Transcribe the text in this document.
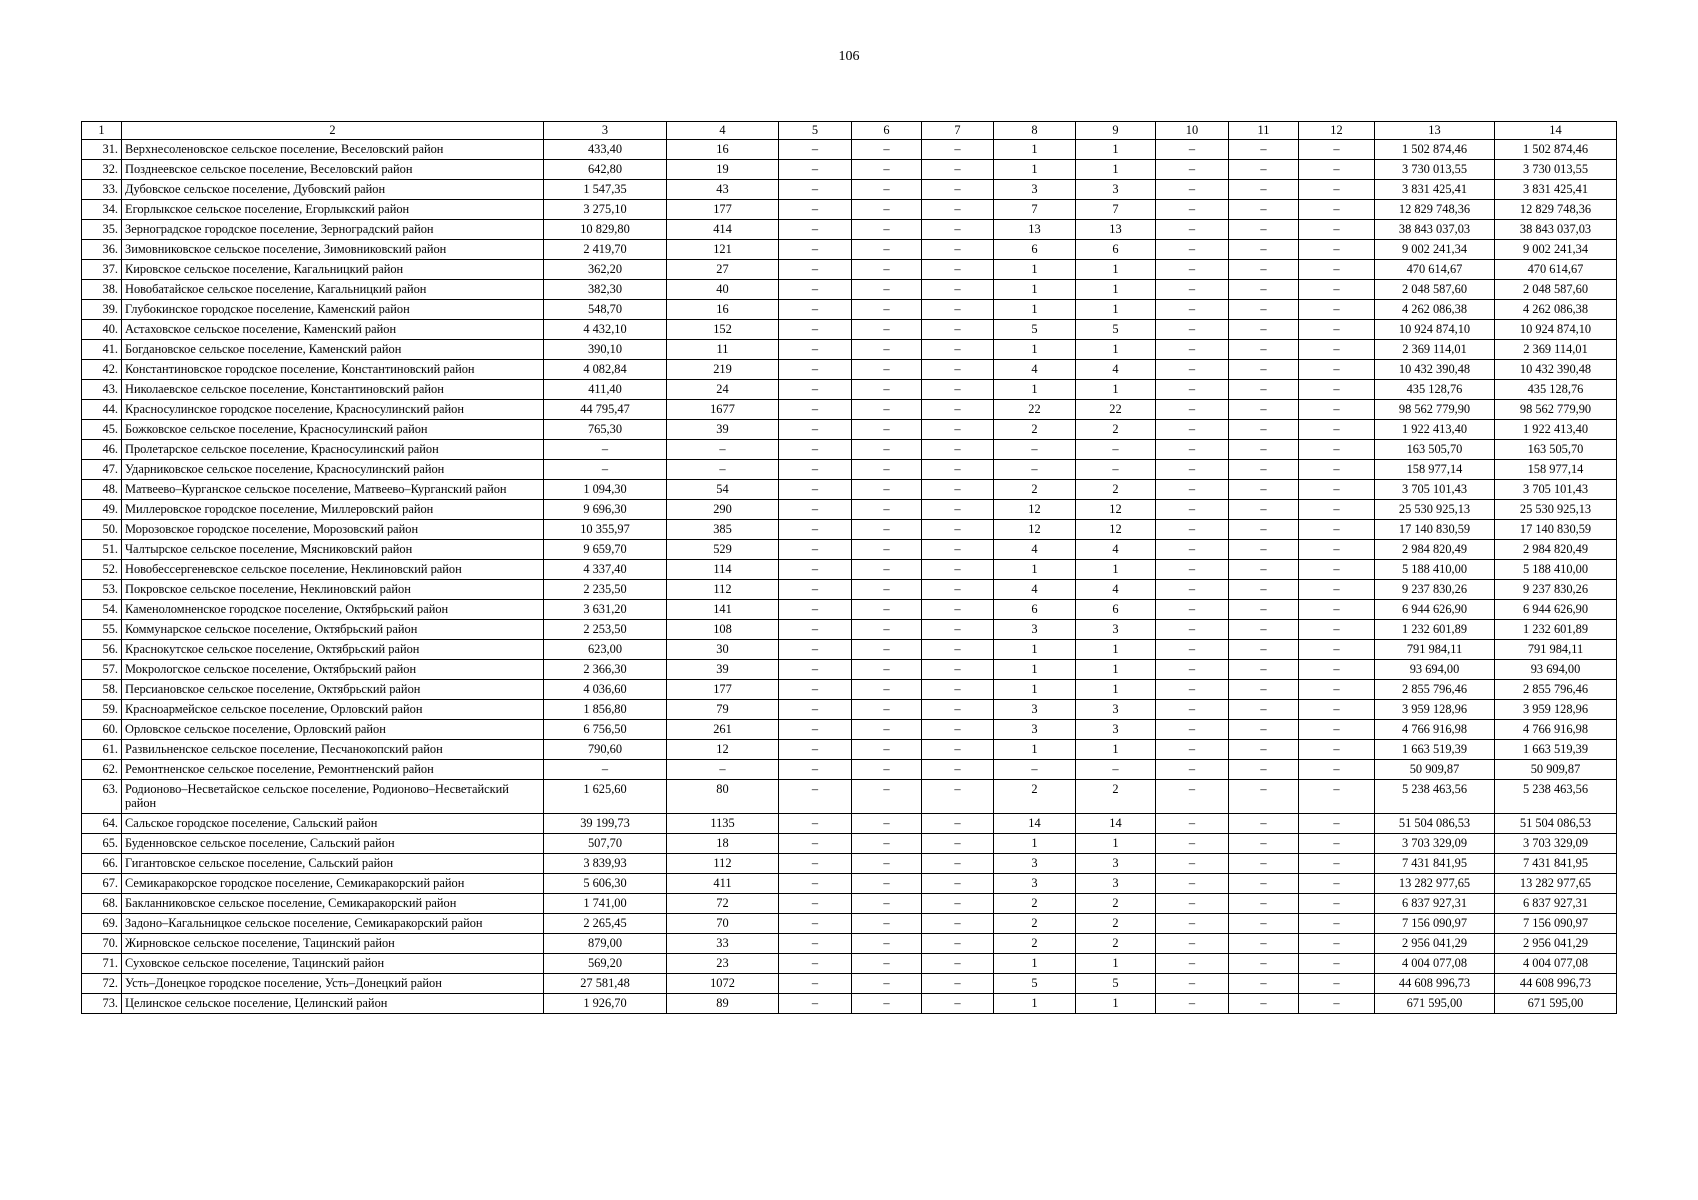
106
1	2	3	4	5	6	7	8	9	10	11	12	13	14
31.	Верхнесоленовское сельское поселение, Веселовский район	433,40	16	–	–	–	1	1	–	–	–	1 502 874,46	1 502 874,46
32.	Позднеевское сельское поселение, Веселовский район	642,80	19	–	–	–	1	1	–	–	–	3 730 013,55	3 730 013,55
33.	Дубовское сельское поселение, Дубовский район	1 547,35	43	–	–	–	3	3	–	–	–	3 831 425,41	3 831 425,41
34.	Егорлыкское сельское поселение, Егорлыкский район	3 275,10	177	–	–	–	7	7	–	–	–	12 829 748,36	12 829 748,36
35.	Зерноградское городское поселение, Зерноградский район	10 829,80	414	–	–	–	13	13	–	–	–	38 843 037,03	38 843 037,03
36.	Зимовниковское сельское поселение, Зимовниковский район	2 419,70	121	–	–	–	6	6	–	–	–	9 002 241,34	9 002 241,34
37.	Кировское сельское поселение, Кагальницкий район	362,20	27	–	–	–	1	1	–	–	–	470 614,67	470 614,67
38.	Новобатайское сельское поселение, Кагальницкий район	382,30	40	–	–	–	1	1	–	–	–	2 048 587,60	2 048 587,60
39.	Глубокинское городское поселение, Каменский район	548,70	16	–	–	–	1	1	–	–	–	4 262 086,38	4 262 086,38
40.	Астаховское сельское поселение, Каменский район	4 432,10	152	–	–	–	5	5	–	–	–	10 924 874,10	10 924 874,10
41.	Богдановское сельское поселение, Каменский район	390,10	11	–	–	–	1	1	–	–	–	2 369 114,01	2 369 114,01
42.	Константиновское городское поселение, Константиновский район	4 082,84	219	–	–	–	4	4	–	–	–	10 432 390,48	10 432 390,48
43.	Николаевское сельское поселение, Константиновский район	411,40	24	–	–	–	1	1	–	–	–	435 128,76	435 128,76
44.	Красносулинское городское поселение, Красносулинский район	44 795,47	1677	–	–	–	22	22	–	–	–	98 562 779,90	98 562 779,90
45.	Божковское сельское поселение, Красносулинский район	765,30	39	–	–	–	2	2	–	–	–	1 922 413,40	1 922 413,40
46.	Пролетарское сельское поселение, Красносулинский район	–	–	–	–	–	–	–	–	–	–	163 505,70	163 505,70
47.	Ударниковское сельское поселение, Красносулинский район	–	–	–	–	–	–	–	–	–	–	158 977,14	158 977,14
48.	Матвеево–Курганское сельское поселение, Матвеево–Курганский район	1 094,30	54	–	–	–	2	2	–	–	–	3 705 101,43	3 705 101,43
49.	Миллеровское городское поселение, Миллеровский район	9 696,30	290	–	–	–	12	12	–	–	–	25 530 925,13	25 530 925,13
50.	Морозовское городское поселение, Морозовский район	10 355,97	385	–	–	–	12	12	–	–	–	17 140 830,59	17 140 830,59
51.	Чалтырское сельское поселение, Мясниковский район	9 659,70	529	–	–	–	4	4	–	–	–	2 984 820,49	2 984 820,49
52.	Новобессергеневское сельское поселение, Неклиновский район	4 337,40	114	–	–	–	1	1	–	–	–	5 188 410,00	5 188 410,00
53.	Покровское сельское поселение, Неклиновский район	2 235,50	112	–	–	–	4	4	–	–	–	9 237 830,26	9 237 830,26
54.	Каменоломненское городское поселение, Октябрьский район	3 631,20	141	–	–	–	6	6	–	–	–	6 944 626,90	6 944 626,90
55.	Коммунарское сельское поселение, Октябрьский район	2 253,50	108	–	–	–	3	3	–	–	–	1 232 601,89	1 232 601,89
56.	Краснокутское сельское поселение, Октябрьский район	623,00	30	–	–	–	1	1	–	–	–	791 984,11	791 984,11
57.	Мокрологское сельское поселение, Октябрьский район	2 366,30	39	–	–	–	1	1	–	–	–	93 694,00	93 694,00
58.	Персиановское сельское поселение, Октябрьский район	4 036,60	177	–	–	–	1	1	–	–	–	2 855 796,46	2 855 796,46
59.	Красноармейское сельское поселение, Орловский район	1 856,80	79	–	–	–	3	3	–	–	–	3 959 128,96	3 959 128,96
60.	Орловское сельское поселение, Орловский район	6 756,50	261	–	–	–	3	3	–	–	–	4 766 916,98	4 766 916,98
61.	Развильненское сельское поселение, Песчанокопский район	790,60	12	–	–	–	1	1	–	–	–	1 663 519,39	1 663 519,39
62.	Ремонтненское сельское поселение, Ремонтненский район	–	–	–	–	–	–	–	–	–	–	50 909,87	50 909,87
63.	Родионово–Несветайское сельское поселение, Родионово–Несветайский район	1 625,60	80	–	–	–	2	2	–	–	–	5 238 463,56	5 238 463,56
64.	Сальское городское поселение, Сальский район	39 199,73	1135	–	–	–	14	14	–	–	–	51 504 086,53	51 504 086,53
65.	Буденновское сельское поселение, Сальский район	507,70	18	–	–	–	1	1	–	–	–	3 703 329,09	3 703 329,09
66.	Гигантовское сельское поселение, Сальский район	3 839,93	112	–	–	–	3	3	–	–	–	7 431 841,95	7 431 841,95
67.	Семикаракорское городское поселение, Семикаракорский район	5 606,30	411	–	–	–	3	3	–	–	–	13 282 977,65	13 282 977,65
68.	Бакланниковское сельское поселение, Семикаракорский район	1 741,00	72	–	–	–	2	2	–	–	–	6 837 927,31	6 837 927,31
69.	Задоно–Кагальницкое сельское поселение, Семикаракорский район	2 265,45	70	–	–	–	2	2	–	–	–	7 156 090,97	7 156 090,97
70.	Жирновское сельское поселение, Тацинский район	879,00	33	–	–	–	2	2	–	–	–	2 956 041,29	2 956 041,29
71.	Суховское сельское поселение, Тацинский район	569,20	23	–	–	–	1	1	–	–	–	4 004 077,08	4 004 077,08
72.	Усть–Донецкое городское поселение, Усть–Донецкий район	27 581,48	1072	–	–	–	5	5	–	–	–	44 608 996,73	44 608 996,73
73.	Целинское сельское поселение, Целинский район	1 926,70	89	–	–	–	1	1	–	–	–	671 595,00	671 595,00
